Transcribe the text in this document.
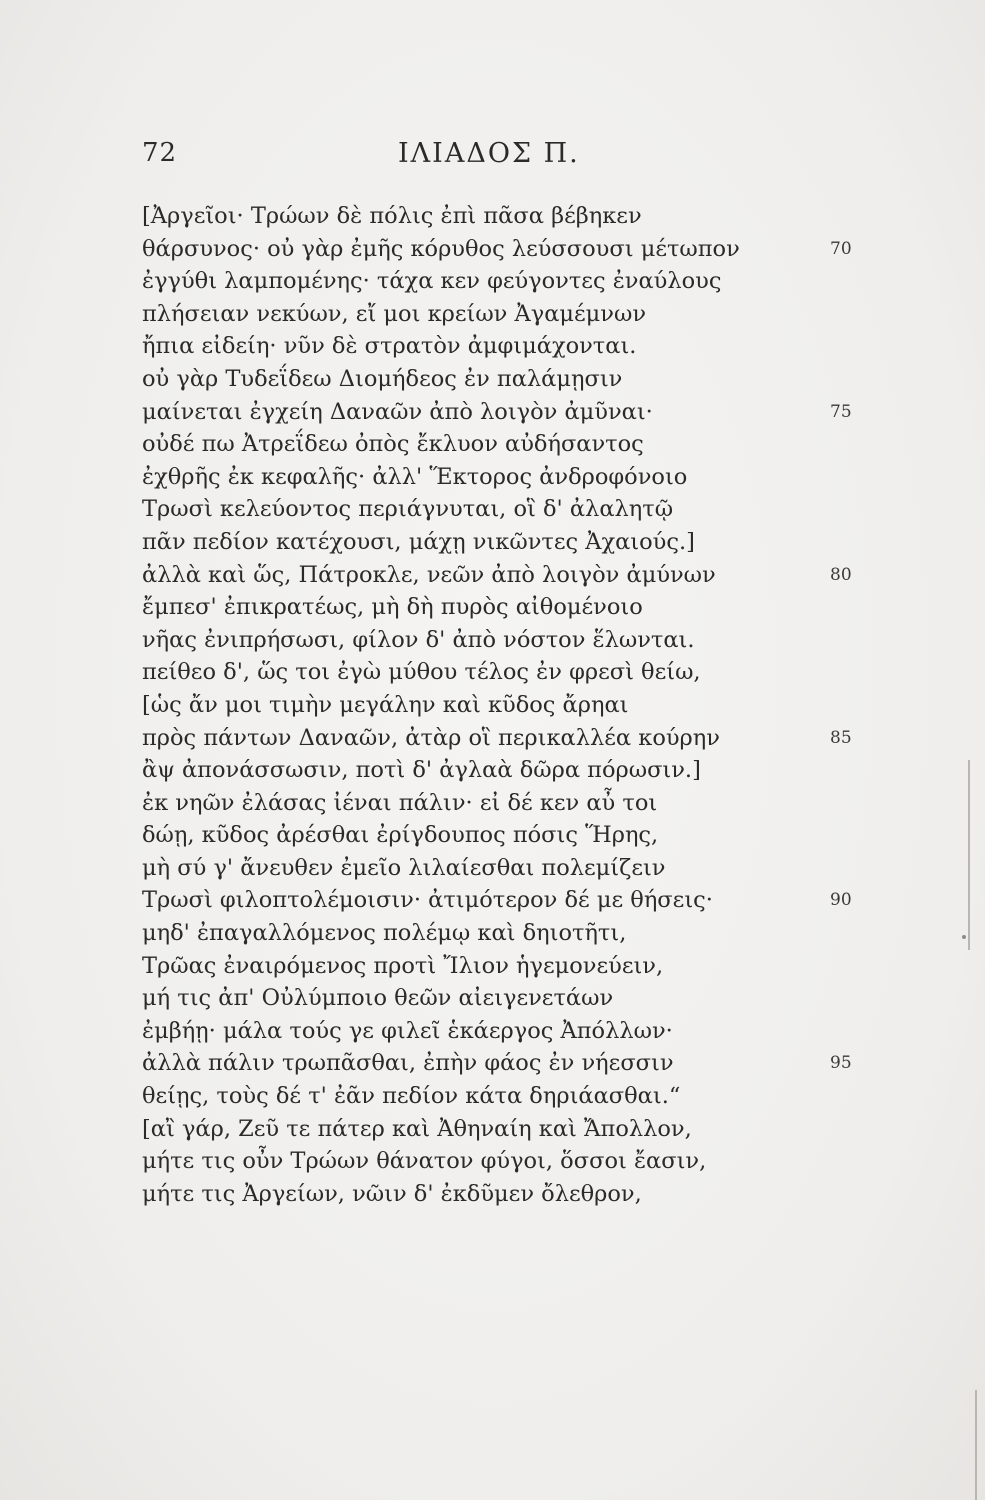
72	ΙΛΙΑΔΟΣ Π.
[Ἀργεῖοι· Τρώων δὲ πόλις ἐπὶ πᾶσα βέβηκεν
θάρσυνος· οὐ γὰρ ἐμῆς κόρυθος λεύσσουσι μέτωπον	70
ἐγγύθι λαμπομένης· τάχα κεν φεύγοντες ἐναύλους
πλήσειαν νεκύων, εἴ μοι κρείων Ἀγαμέμνων
ἤπια εἰδείη· νῦν δὲ στρατὸν ἀμφιμάχονται.
οὐ γὰρ Τυδεΐδεω Διομήδεος ἐν παλάμῃσιν
μαίνεται ἐγχείη Δαναῶν ἀπὸ λοιγὸν ἀμῦναι·	75
οὐδέ πω Ἀτρεΐδεω ὀπὸς ἔκλυον αὐδήσαντος
ἐχθρῆς ἐκ κεφαλῆς· ἀλλ' Ἕκτορος ἀνδροφόνοιο
Τρωσὶ κελεύοντος περιάγνυται, οἳ δ' ἀλαλητῷ
πᾶν πεδίον κατέχουσι, μάχῃ νικῶντες Ἀχαιούς.]
ἀλλὰ καὶ ὥς, Πάτροκλε, νεῶν ἀπὸ λοιγὸν ἀμύνων	80
ἔμπεσ' ἐπικρατέως, μὴ δὴ πυρὸς αἰθομένοιο
νῆας ἐνιπρήσωσι, φίλον δ' ἀπὸ νόστον ἕλωνται.
πείθεο δ', ὥς τοι ἐγὼ μύθου τέλος ἐν φρεσὶ θείω,
[ὡς ἄν μοι τιμὴν μεγάλην καὶ κῦδος ἄρηαι
πρὸς πάντων Δαναῶν, ἀτὰρ οἳ περικαλλέα κούρην	85
ἂψ ἀπονάσσωσιν, ποτὶ δ' ἀγλαὰ δῶρα πόρωσιν.]
ἐκ νηῶν ἐλάσας ἰέναι πάλιν· εἰ δέ κεν αὖ τοι
δώῃ, κῦδος ἀρέσθαι ἐρίγδουπος πόσις Ἥρης,
μὴ σύ γ' ἄνευθεν ἐμεῖο λιλαίεσθαι πολεμίζειν
Τρωσὶ φιλοπτολέμοισιν· ἀτιμότερον δέ με θήσεις·	90
μηδ' ἐπαγαλλόμενος πολέμῳ καὶ δηιοτῆτι,
Τρῶας ἐναιρόμενος προτὶ Ἴλιον ἡγεμονεύειν,
μή τις ἀπ' Οὐλύμποιο θεῶν αἰειγενετάων
ἐμβήῃ· μάλα τούς γε φιλεῖ ἑκάεργος Ἀπόλλων·
ἀλλὰ πάλιν τρωπᾶσθαι, ἐπὴν φάος ἐν νήεσσιν	95
θείῃς, τοὺς δέ τ' ἐᾶν πεδίον κάτα δηριάασθαι.“
[αἲ γάρ, Ζεῦ τε πάτερ καὶ Ἀθηναίη καὶ Ἄπολλον,
μήτε τις οὖν Τρώων θάνατον φύγοι, ὅσσοι ἔασιν,
μήτε τις Ἀργείων, νῶιν δ' ἐκδῦμεν ὄλεθρον,
